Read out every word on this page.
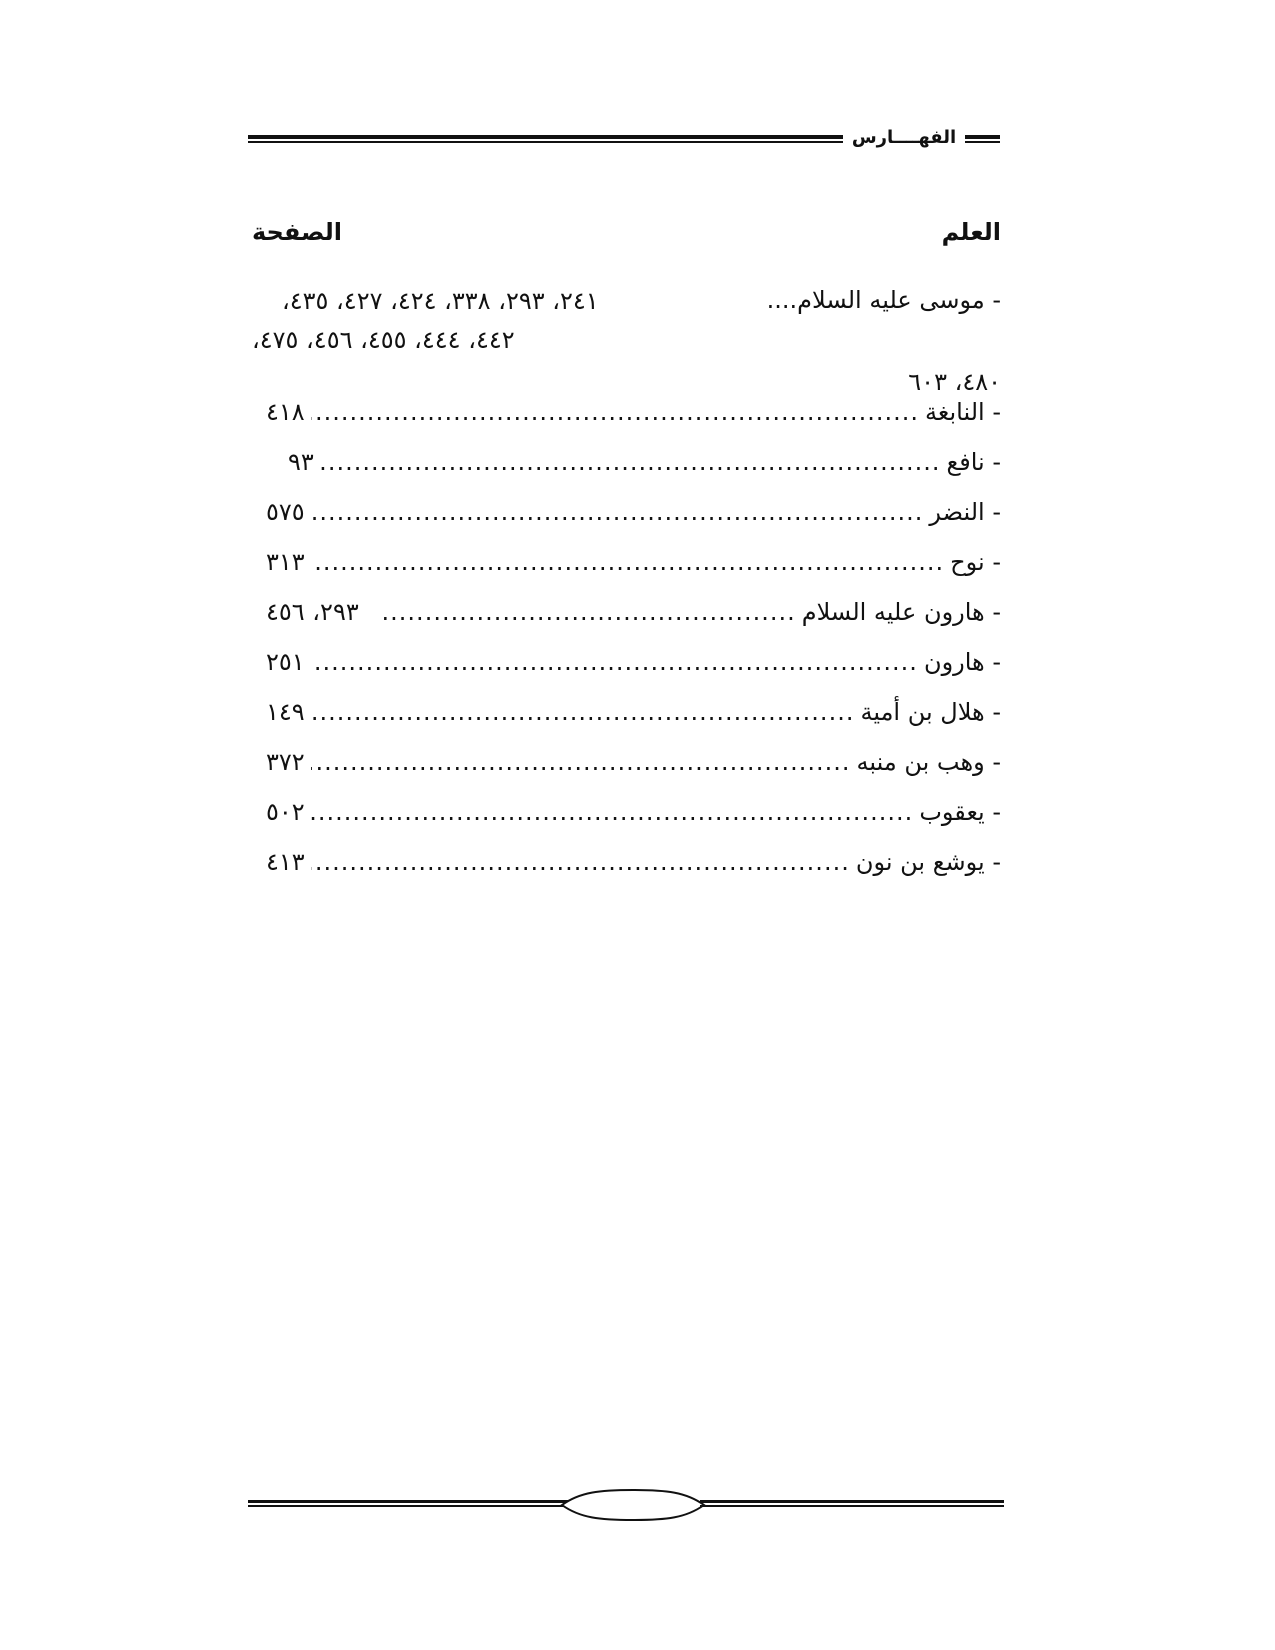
الفهــــارس
العلم
الصفحة
- موسى عليه السلام....
٢٤١، ٢٩٣، ٣٣٨، ٤٢٤، ٤٢٧، ٤٣٥،
٤٤٢، ٤٤٤، ٤٥٥، ٤٥٦، ٤٧٥،
٤٨٠، ٦٠٣
- النابغة
.....
٤١٨
- نافع
.....
٩٣
- النضر
.....
٥٧٥
- نوح
.....
٣١٣
- هارون عليه السلام
.....
٢٩٣، ٤٥٦
- هارون
.....
٢٥١
- هلال بن أمية
.....
١٤٩
- وهب بن منبه
.....
٣٧٢
- يعقوب
.....
٥٠٢
- يوشع بن نون
.....
٤١٣
